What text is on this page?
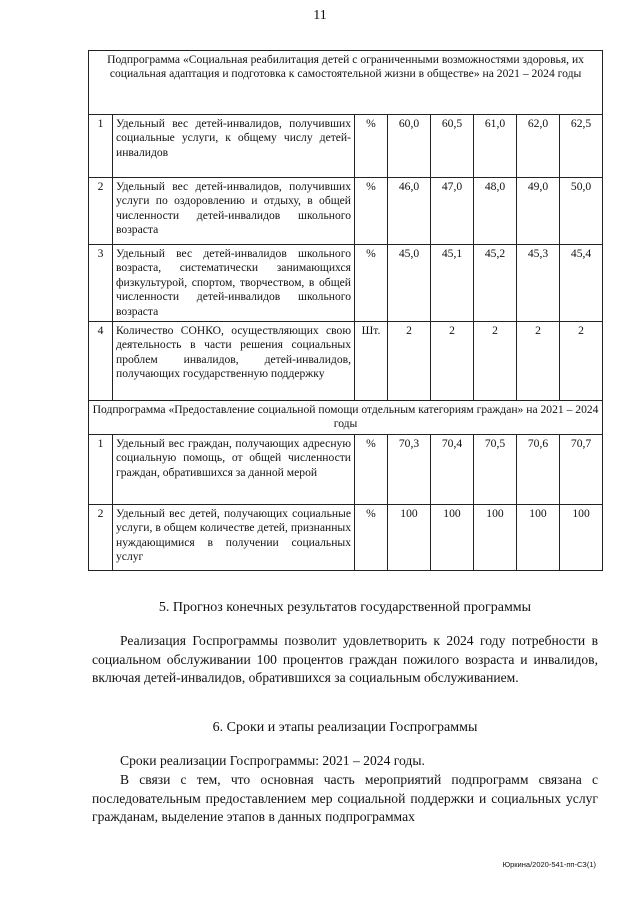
11
Подпрограмма «Социальная реабилитация детей с ограниченными возможностями здоровья, их социальная адаптация и подготовка к самостоятельной жизни в обществе» на 2021 – 2024 годы							
1	Удельный вес детей-инвалидов, получивших социальные услуги, к общему числу детей-инвалидов	%	60,0	60,5	61,0	62,0	62,5
2	Удельный вес детей-инвалидов, получивших услуги по оздоровлению и отдыху, в общей численности детей-инвалидов школьного возраста	%	46,0	47,0	48,0	49,0	50,0
3	Удельный вес детей-инвалидов школьного возраста, систематически занимающихся физкультурой, спортом, творчеством, в общей численности детей-инвалидов школьного возраста	%	45,0	45,1	45,2	45,3	45,4
4	Количество СОНКО, осуществляющих свою деятельность в части решения социальных проблем инвалидов, детей-инвалидов, получающих государственную поддержку	Шт.	2	2	2	2	2
Подпрограмма «Предоставление социальной помощи отдельным категориям граждан» на 2021 – 2024 годы							
1	Удельный вес граждан, получающих адресную социальную помощь, от общей численности граждан, обратившихся за данной мерой	%	70,3	70,4	70,5	70,6	70,7
2	Удельный вес детей, получающих социальные услуги, в общем количестве детей, признанных нуждающимися в получении социальных услуг	%	100	100	100	100	100
5. Прогноз конечных результатов государственной программы
Реализация Госпрограммы позволит удовлетворить к 2024 году потребности в социальном обслуживании 100 процентов граждан пожилого возраста и инвалидов, включая детей-инвалидов, обратившихся за социальным обслуживанием.
6. Сроки и этапы реализации Госпрограммы
Сроки реализации Госпрограммы: 2021 – 2024 годы.
В связи с тем, что основная часть мероприятий подпрограмм связана с последовательным предоставлением мер социальной поддержки и социальных услуг гражданам, выделение этапов в данных подпрограммах
Юркина/2020-541-пп-СЗ(1)
